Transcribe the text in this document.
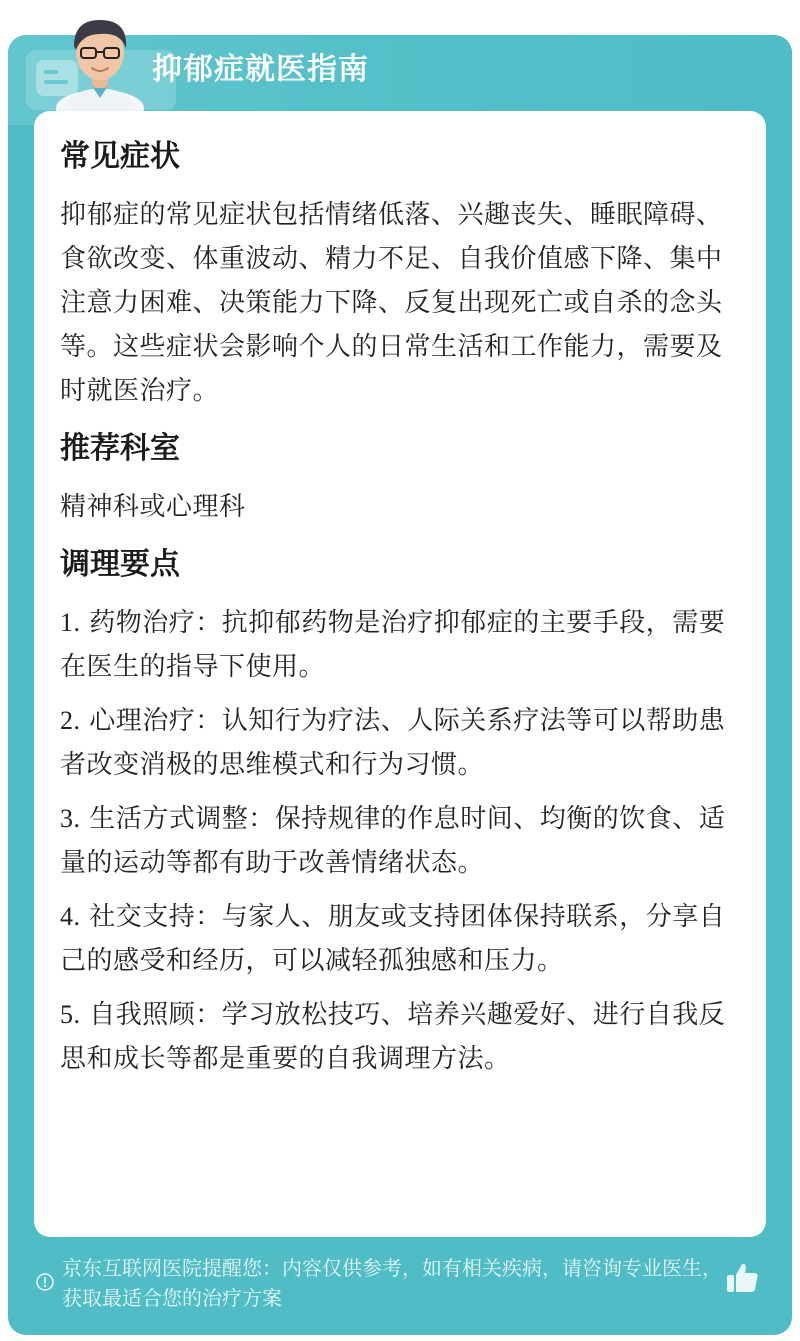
抑郁症就医指南
常见症状
抑郁症的常见症状包括情绪低落、兴趣丧失、睡眠障碍、食欲改变、体重波动、精力不足、自我价值感下降、集中注意力困难、决策能力下降、反复出现死亡或自杀的念头等。这些症状会影响个人的日常生活和工作能力，需要及时就医治疗。
推荐科室
精神科或心理科
调理要点
1. 药物治疗：抗抑郁药物是治疗抑郁症的主要手段，需要在医生的指导下使用。
2. 心理治疗：认知行为疗法、人际关系疗法等可以帮助患者改变消极的思维模式和行为习惯。
3. 生活方式调整：保持规律的作息时间、均衡的饮食、适量的运动等都有助于改善情绪状态。
4. 社交支持：与家人、朋友或支持团体保持联系，分享自己的感受和经历，可以减轻孤独感和压力。
5. 自我照顾：学习放松技巧、培养兴趣爱好、进行自我反思和成长等都是重要的自我调理方法。
京东互联网医院提醒您：内容仅供参考，如有相关疾病，请咨询专业医生，获取最适合您的治疗方案
